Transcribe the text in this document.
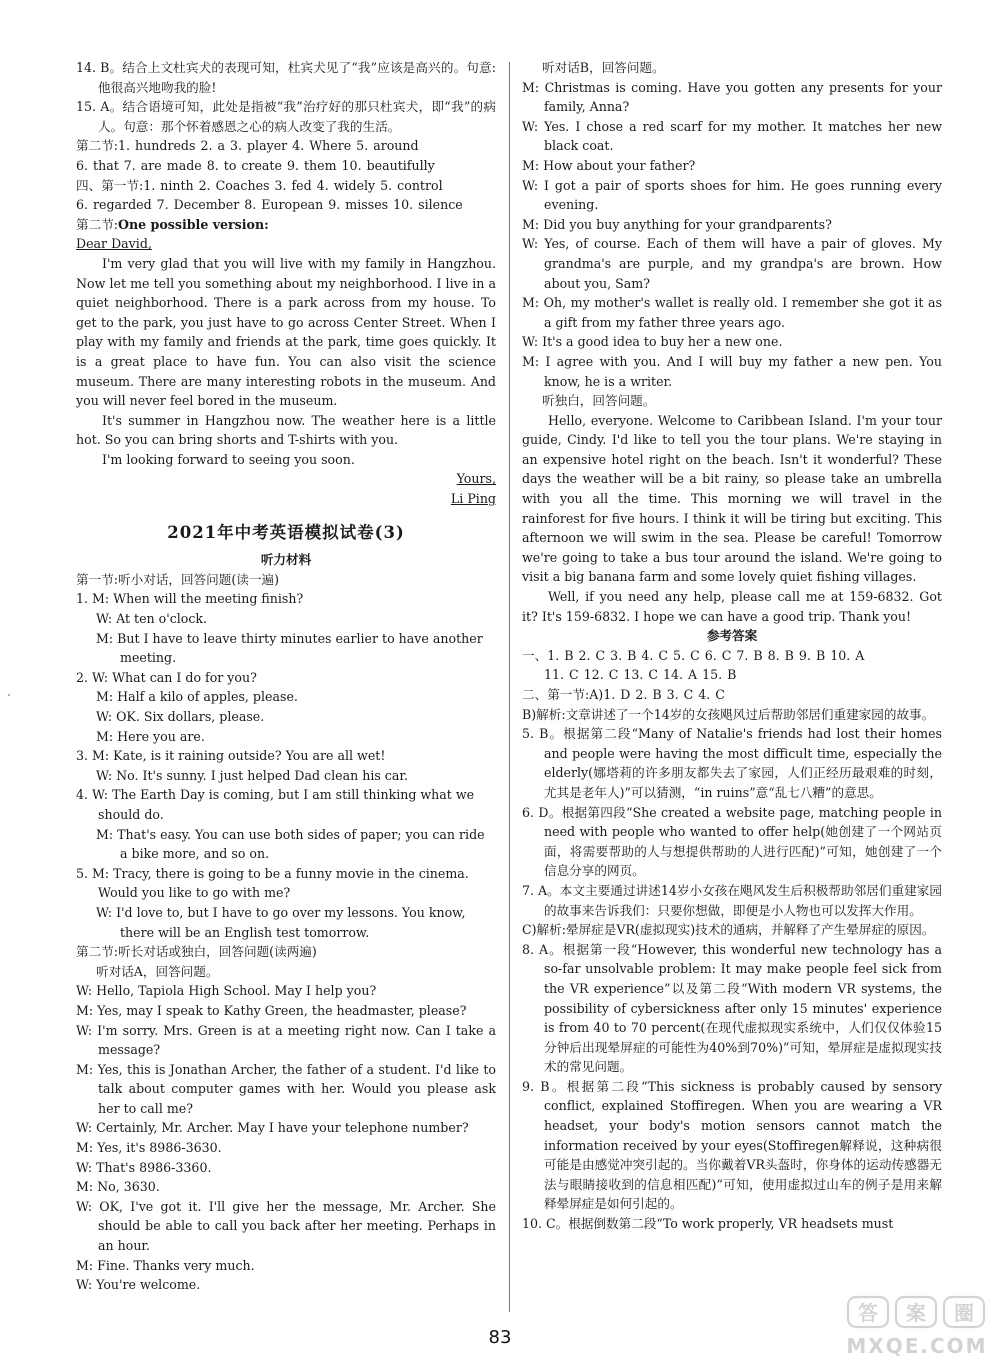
14. B。结合上文杜宾犬的表现可知，杜宾犬见了“我”应该是高兴的。句意:他很高兴地吻我的脸!

15. A。结合语境可知，此处是指被“我”治疗好的那只杜宾犬，即“我”的病人。句意：那个怀着感恩之心的病人改变了我的生活。

第二节:1. hundreds 2. a 3. player 4. Where 5. around

6. that 7. are made 8. to create 9. them 10. beautifully

四、第一节:1. ninth 2. Coaches 3. fed 4. widely 5. control

6. regarded 7. December 8. European 9. misses 10. silence

第二节:One possible version:

Dear David,

I'm very glad that you will live with my family in Hangzhou. Now let me tell you something about my neighborhood. I live in a quiet neighborhood. There is a park across from my house. To get to the park, you just have to go across Center Street. When I play with my family and friends at the park, time goes quickly. It is a great place to have fun. You can also visit the science museum. There are many interesting robots in the museum. And you will never feel bored in the museum.

It's summer in Hangzhou now. The weather here is a little hot. So you can bring shorts and T-shirts with you.

I'm looking forward to seeing you soon.

Yours,

Li Ping

2021年中考英语模拟试卷(3)
听力材料

第一节:听小对话，回答问题(读一遍)

1. M: When will the meeting finish?

W: At ten o'clock.

M: But I have to leave thirty minutes earlier to have another meeting.

2. W: What can I do for you?

M: Half a kilo of apples, please.

W: OK. Six dollars, please.

M: Here you are.

3. M: Kate, is it raining outside? You are all wet!

W: No. It's sunny. I just helped Dad clean his car.

4. W: The Earth Day is coming, but I am still thinking what we should do.

M: That's easy. You can use both sides of paper; you can ride a bike more, and so on.

5. M: Tracy, there is going to be a funny movie in the cinema. Would you like to go with me?

W: I'd love to, but I have to go over my lessons. You know, there will be an English test tomorrow.

第二节:听长对话或独白，回答问题(读两遍)

听对话A，回答问题。

W: Hello, Tapiola High School. May I help you?

M: Yes, may I speak to Kathy Green, the headmaster, please?

W: I'm sorry. Mrs. Green is at a meeting right now. Can I take a message?

M: Yes, this is Jonathan Archer, the father of a student. I'd like to talk about computer games with her. Would you please ask her to call me?

W: Certainly, Mr. Archer. May I have your telephone number?

M: Yes, it's 8986-3630.

W: That's 8986-3360.

M: No, 3630.

W: OK, I've got it. I'll give her the message, Mr. Archer. She should be able to call you back after her meeting. Perhaps in an hour.

M: Fine. Thanks very much.

W: You're welcome.

听对话B，回答问题。

M: Christmas is coming. Have you gotten any presents for your family, Anna?

W: Yes. I chose a red scarf for my mother. It matches her new black coat.

M: How about your father?

W: I got a pair of sports shoes for him. He goes running every evening.

M: Did you buy anything for your grandparents?

W: Yes, of course. Each of them will have a pair of gloves. My grandma's are purple, and my grandpa's are brown. How about you, Sam?

M: Oh, my mother's wallet is really old. I remember she got it as a gift from my father three years ago.

W: It's a good idea to buy her a new one.

M: I agree with you. And I will buy my father a new pen. You know, he is a writer.

听独白，回答问题。

Hello, everyone. Welcome to Caribbean Island. I'm your tour guide, Cindy. I'd like to tell you the tour plans. We're staying in an expensive hotel right on the beach. Isn't it wonderful? These days the weather will be a bit rainy, so please take an umbrella with you all the time. This morning we will travel in the rainforest for five hours. I think it will be tiring but exciting. This afternoon we will swim in the sea. Please be careful! Tomorrow we're going to take a bus tour around the island. We're going to visit a big banana farm and some lovely quiet fishing villages.

Well, if you need any help, please call me at 159-6832. Got it? It's 159-6832. I hope we can have a good trip. Thank you!

参考答案

一、1. B 2. C 3. B 4. C 5. C 6. C 7. B 8. B 9. B 10. A

11. C 12. C 13. C 14. A 15. B

二、第一节:A)1. D 2. B 3. C 4. C

B)解析:文章讲述了一个14岁的女孩飓风过后帮助邻居们重建家园的故事。

5. B。根据第二段“Many of Natalie's friends had lost their homes and people were having the most difficult time, especially the elderly(娜塔莉的许多朋友都失去了家园，人们正经历最艰难的时刻，尤其是老年人)”可以猜测，“in ruins”意“乱七八糟”的意思。

6. D。根据第四段“She created a website page, matching people in need with people who wanted to offer help(她创建了一个网站页面，将需要帮助的人与想提供帮助的人进行匹配)”可知，她创建了一个信息分享的网页。

7. A。本文主要通过讲述14岁小女孩在飓风发生后积极帮助邻居们重建家园的故事来告诉我们：只要你想做，即便是小人物也可以发挥大作用。

C)解析:晕屏症是VR(虚拟现实)技术的通病，并解释了产生晕屏症的原因。

8. A。根据第一段“However, this wonderful new technology has a so-far unsolvable problem: It may make people feel sick from the VR experience”以及第二段“With modern VR systems, the possibility of cybersickness after only 15 minutes' experience is from 40 to 70 percent(在现代虚拟现实系统中，人们仅仅体验15分钟后出现晕屏症的可能性为40%到70%)”可知，晕屏症是虚拟现实技术的常见问题。

9. B。根据第二段“This sickness is probably caused by sensory conflict, explained Stoffiregen. When you are wearing a VR headset, your body's motion sensors cannot match the information received by your eyes(Stoffiregen解释说，这种病很可能是由感觉冲突引起的。当你戴着VR头盔时，你身体的运动传感器无法与眼睛接收到的信息相匹配)”可知，使用虚拟过山车的例子是用来解释晕屏症是如何引起的。

10. C。根据倒数第二段“To work properly, VR headsets must

83
答 案 圈
MXQE.COM
